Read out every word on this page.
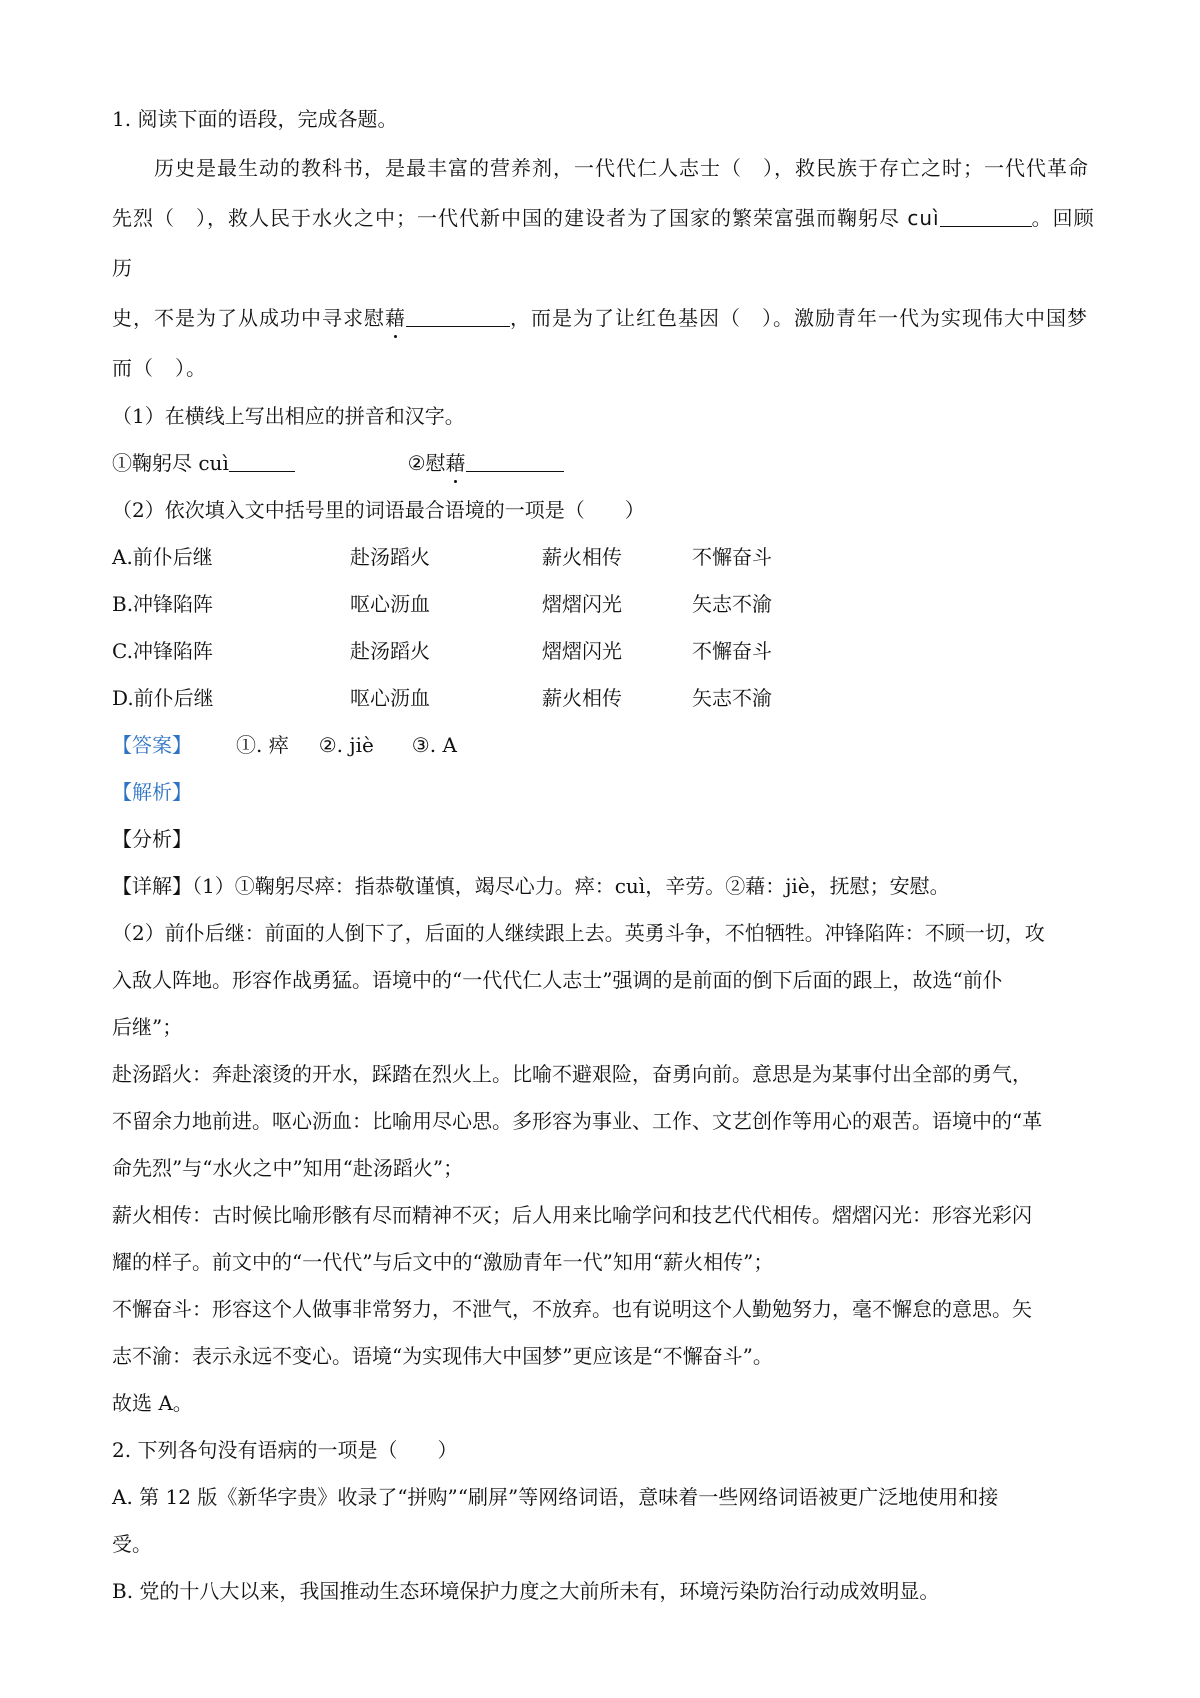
1. 阅读下面的语段，完成各题。
历史是最生动的教科书，是最丰富的营养剂，一代代仁人志士（　），救民族于存亡之时；一代代革命
先烈（　），救人民于水火之中；一代代新中国的建设者为了国家的繁荣富强而鞠躬尽 cuì	。回顾历
史，不是为了从成功中寻求慰藉	，而是为了让红色基因（　）。激励青年一代为实现伟大中国梦
而（　）。
（1）在横线上写出相应的拼音和汉字。
①鞠躬尽 cuì	②慰藉
（2）依次填入文中括号里的词语最合语境的一项是（　　）
A.前仆后继	赴汤蹈火	薪火相传	不懈奋斗
B.冲锋陷阵	呕心沥血	熠熠闪光	矢志不渝
C.冲锋陷阵	赴汤蹈火	熠熠闪光	不懈奋斗
D.前仆后继	呕心沥血	薪火相传	矢志不渝
【答案】 ①. 瘁 ②. jiè ③. A
【解析】
【分析】
【详解】（1）①鞠躬尽瘁：指恭敬谨慎，竭尽心力。瘁：cuì，辛劳。②藉：jiè，抚慰；安慰。
（2）前仆后继：前面的人倒下了，后面的人继续跟上去。英勇斗争，不怕牺牲。冲锋陷阵：不顾一切，攻
入敌人阵地。形容作战勇猛。语境中的“一代代仁人志士”强调的是前面的倒下后面的跟上，故选“前仆
后继”；
赴汤蹈火：奔赴滚烫的开水，踩踏在烈火上。比喻不避艰险，奋勇向前。意思是为某事付出全部的勇气，
不留余力地前进。呕心沥血：比喻用尽心思。多形容为事业、工作、文艺创作等用心的艰苦。语境中的“革
命先烈”与“水火之中”知用“赴汤蹈火”；
薪火相传：古时候比喻形骸有尽而精神不灭；后人用来比喻学问和技艺代代相传。熠熠闪光：形容光彩闪
耀的样子。前文中的“一代代”与后文中的“激励青年一代”知用“薪火相传”；
不懈奋斗：形容这个人做事非常努力，不泄气，不放弃。也有说明这个人勤勉努力，毫不懈怠的意思。矢
志不渝：表示永远不变心。语境“为实现伟大中国梦”更应该是“不懈奋斗”。
故选 A。
2. 下列各句没有语病的一项是（　　）
A. 第 12 版《新华字贵》收录了“拼购”“刷屏”等网络词语，意味着一些网络词语被更广泛地使用和接
受。
B. 党的十八大以来，我国推动生态环境保护力度之大前所未有，环境污染防治行动成效明显。
